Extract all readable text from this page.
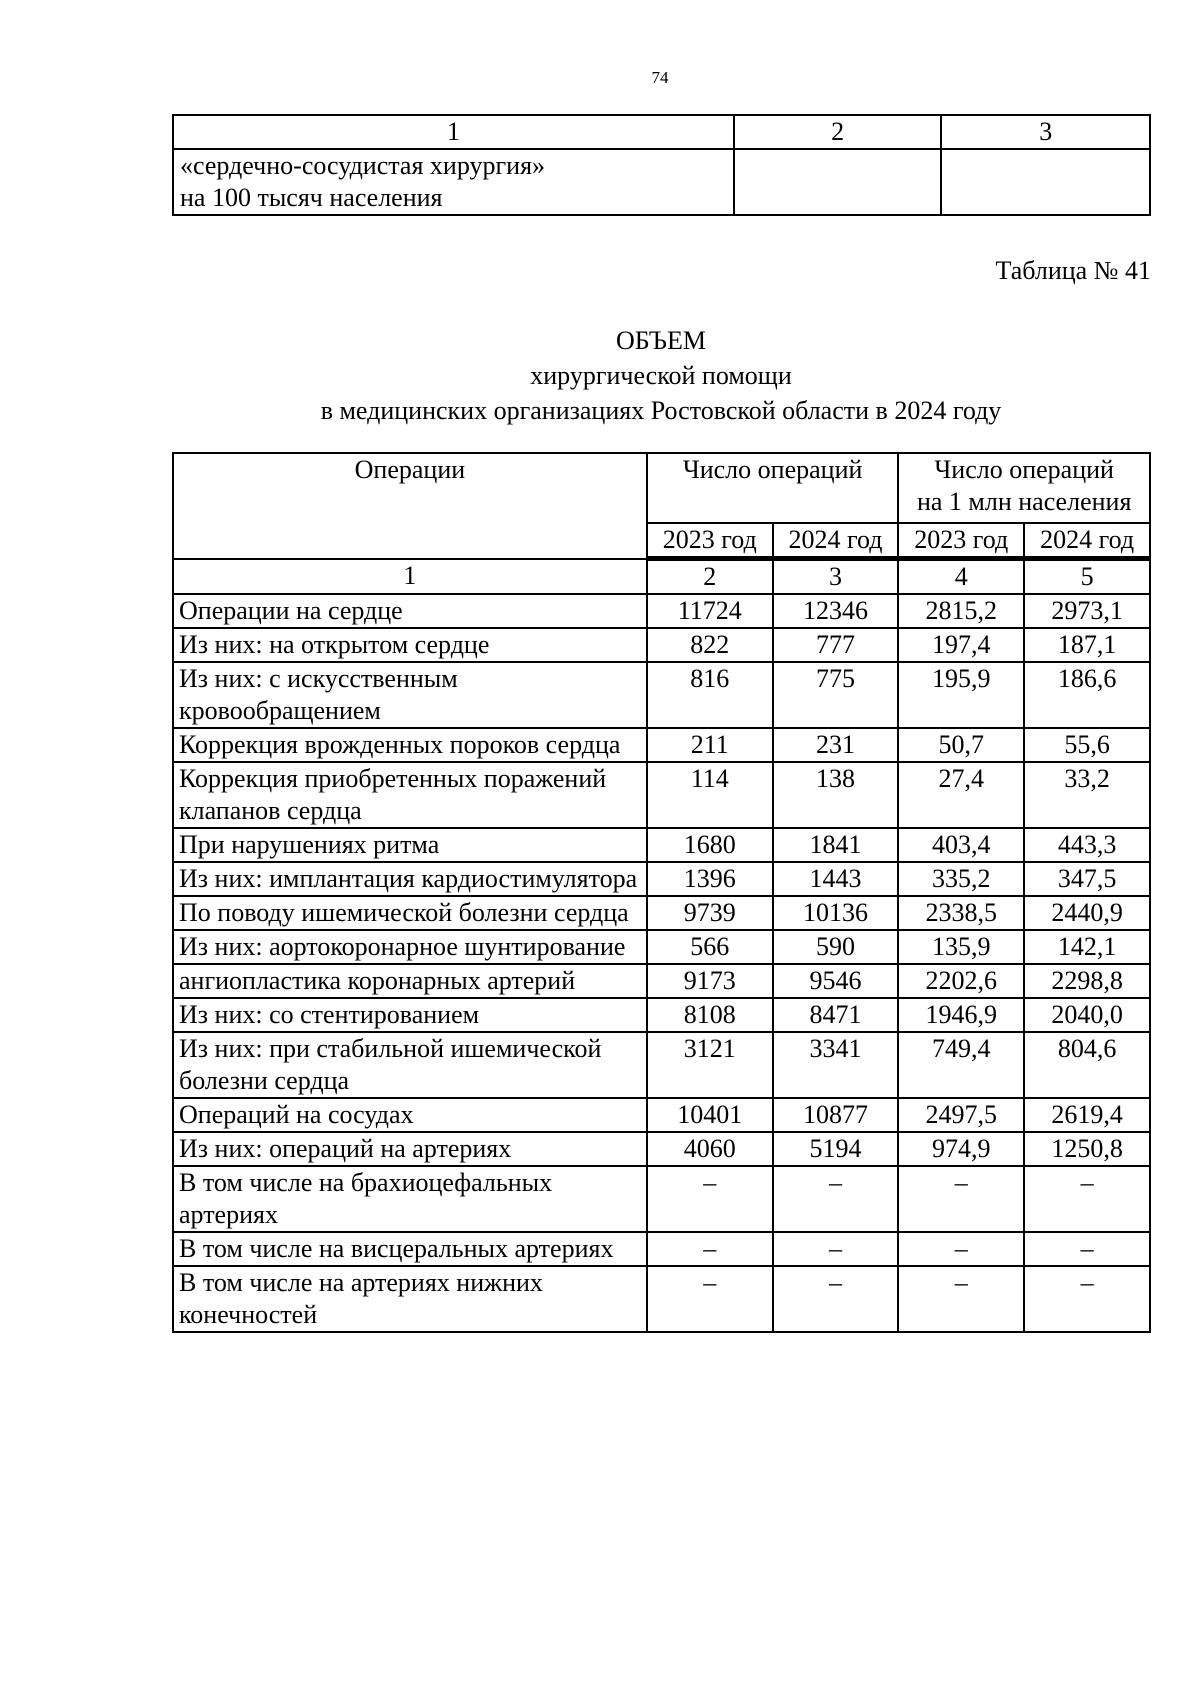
74
1	2	3

«сердечно-сосудистая хирургия»
на 100 тысяч населения		

Таблица № 41
ОБЪЕМ
хирургической помощи
в медицинских организациях Ростовской области в 2024 году
Операции	Число операций		Число операций
на 1 млн населения	

	2023 год	2024 год	2023 год	2024 год
1	2	3	4	5
Операции на сердце	11724	12346	2815,2	2973,1
Из них: на открытом сердце	822	777	197,4	187,1
Из них: с искусственным кровообращением	816	775	195,9	186,6
Коррекция врожденных пороков сердца	211	231	50,7	55,6
Коррекция приобретенных поражений клапанов сердца	114	138	27,4	33,2
При нарушениях ритма	1680	1841	403,4	443,3
Из них: имплантация кардиостимулятора	1396	1443	335,2	347,5
По поводу ишемической болезни сердца	9739	10136	2338,5	2440,9
Из них: аортокоронарное шунтирование	566	590	135,9	142,1
ангиопластика коронарных артерий	9173	9546	2202,6	2298,8
Из них: со стентированием	8108	8471	1946,9	2040,0
Из них: при стабильной ишемической болезни сердца	3121	3341	749,4	804,6
Операций на сосудах	10401	10877	2497,5	2619,4
Из них: операций на артериях	4060	5194	974,9	1250,8
В том числе на брахиоцефальных артериях	–	–	–	–
В том числе на висцеральных артериях	–	–	–	–
В том числе на артериях нижних конечностей	–	–	–	–
